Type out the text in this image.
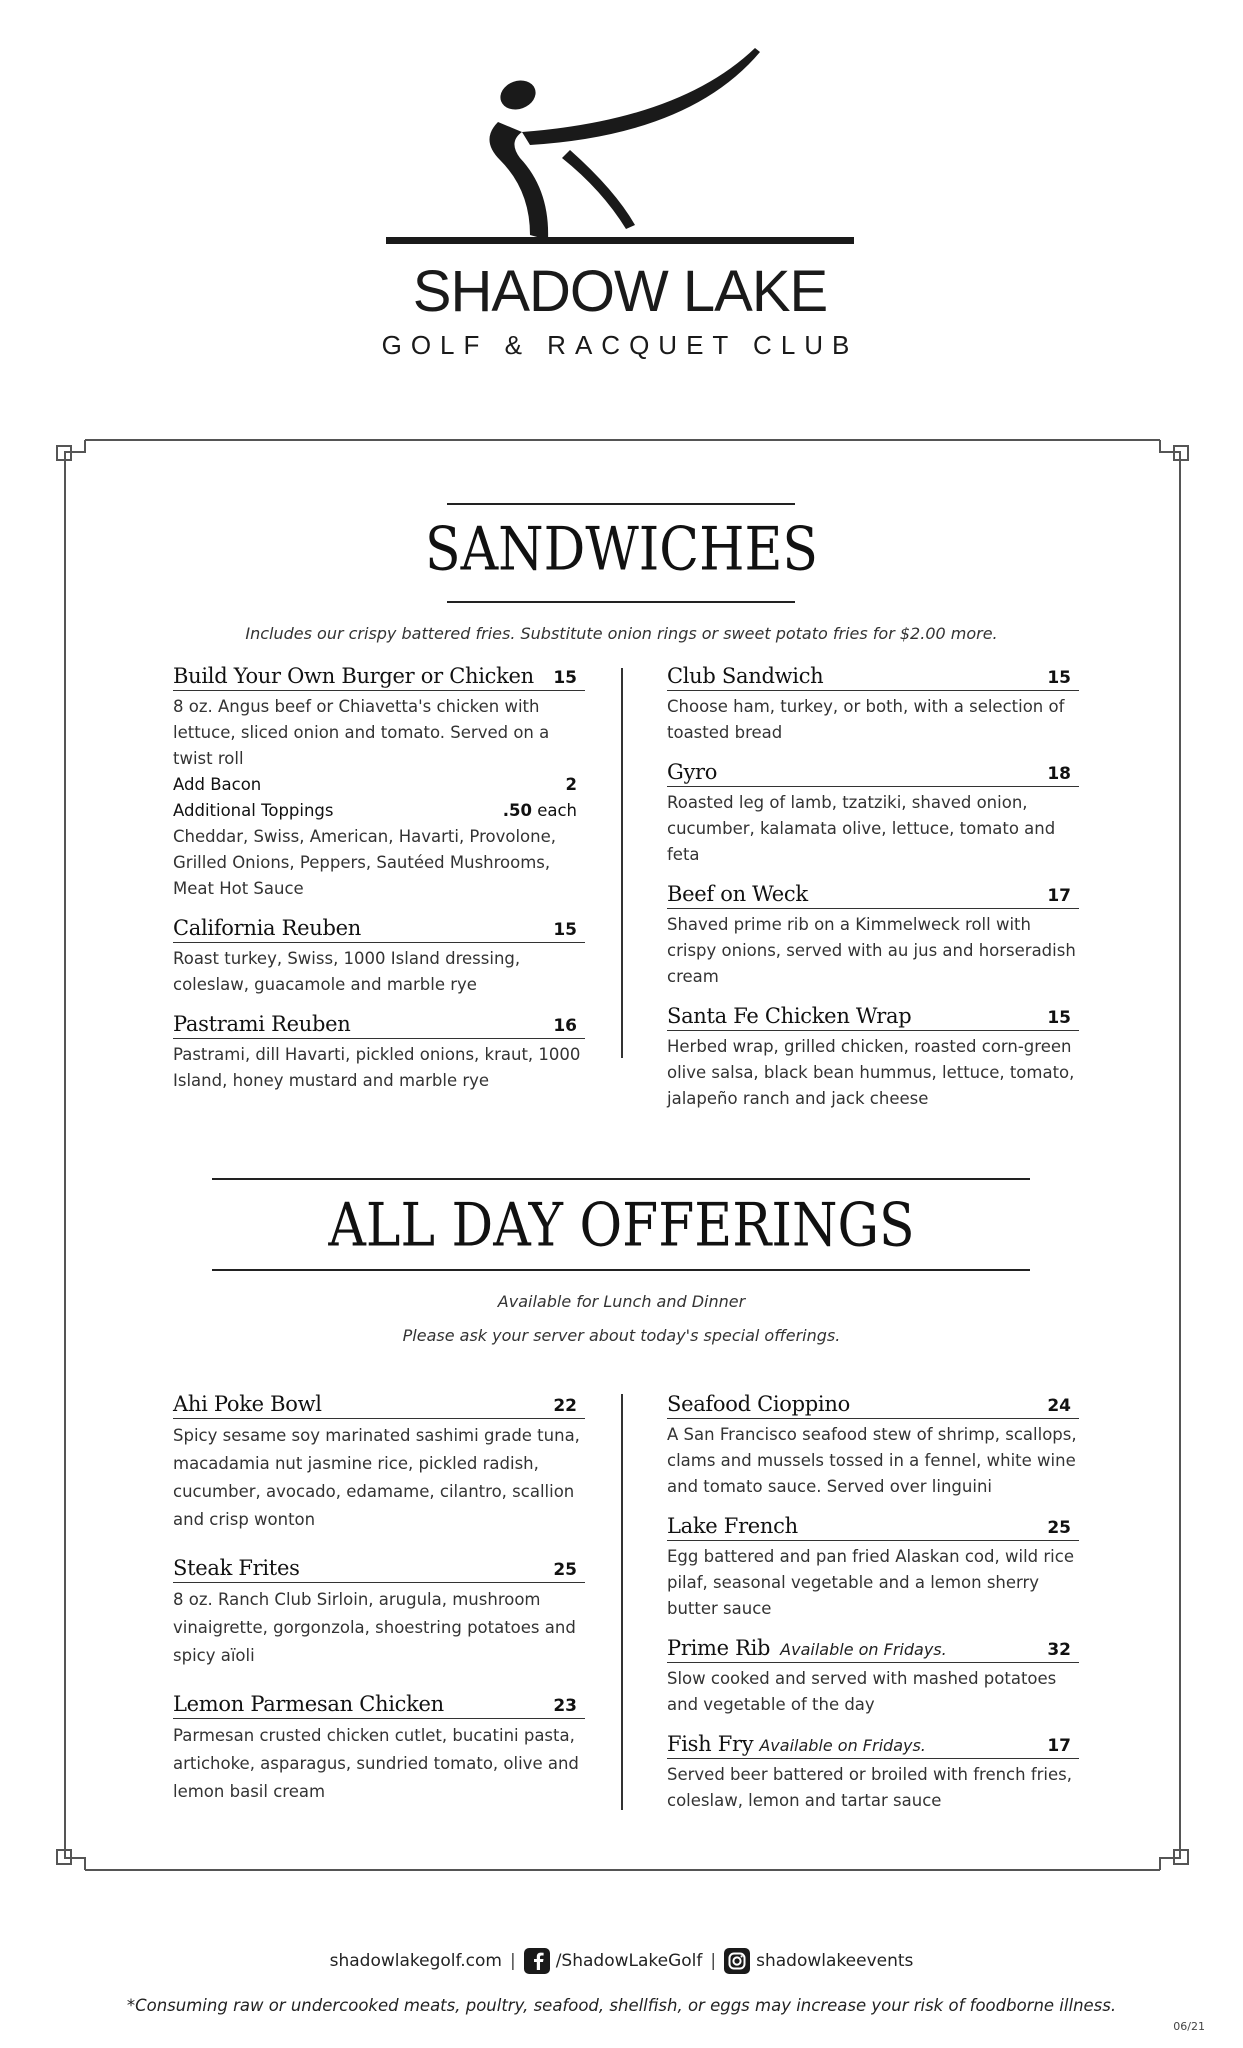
SHADOW LAKE
GOLF & RACQUET CLUB
SANDWICHES
Includes our crispy battered fries. Substitute onion rings or sweet potato fries for $2.00 more.
Build Your Own Burger or Chicken 15
8 oz. Angus beef or Chiavetta's chicken with lettuce, sliced onion and tomato. Served on a twist roll
Add Bacon	2
Additional Toppings	.50 each
Cheddar, Swiss, American, Havarti, Provolone, Grilled Onions, Peppers, Sautéed Mushrooms, Meat Hot Sauce
California Reuben	15
Roast turkey, Swiss, 1000 Island dressing, coleslaw, guacamole and marble rye
Pastrami Reuben	16
Pastrami, dill Havarti, pickled onions, kraut, 1000 Island, honey mustard and marble rye
Club Sandwich	15
Choose ham, turkey, or both, with a selection of toasted bread
Gyro	18
Roasted leg of lamb, tzatziki, shaved onion, cucumber, kalamata olive, lettuce, tomato and feta
Beef on Weck	17
Shaved prime rib on a Kimmelweck roll with crispy onions, served with au jus and horseradish cream
Santa Fe Chicken Wrap	15
Herbed wrap, grilled chicken, roasted corn-green olive salsa, black bean hummus, lettuce, tomato, jalapeño ranch and jack cheese
ALL DAY OFFERINGS
Available for Lunch and Dinner
Please ask your server about today's special offerings.
Ahi Poke Bowl	22
Spicy sesame soy marinated sashimi grade tuna, macadamia nut jasmine rice, pickled radish, cucumber, avocado, edamame, cilantro, scallion and crisp wonton
Steak Frites	25
8 oz. Ranch Club Sirloin, arugula, mushroom vinaigrette, gorgonzola, shoestring potatoes and spicy aïoli
Lemon Parmesan Chicken	23
Parmesan crusted chicken cutlet, bucatini pasta, artichoke, asparagus, sundried tomato, olive and lemon basil cream
Seafood Cioppino	24
A San Francisco seafood stew of shrimp, scallops, clams and mussels tossed in a fennel, white wine and tomato sauce. Served over linguini
Lake French	25
Egg battered and pan fried Alaskan cod, wild rice pilaf, seasonal vegetable and a lemon sherry butter sauce
Prime Rib Available on Fridays.	32
Slow cooked and served with mashed potatoes and vegetable of the day
Fish Fry Available on Fridays.	17
Served beer battered or broiled with french fries, coleslaw, lemon and tartar sauce
shadowlakegolf.com | /ShadowLakeGolf | shadowlakeevents
*Consuming raw or undercooked meats, poultry, seafood, shellfish, or eggs may increase your risk of foodborne illness.
06/21
